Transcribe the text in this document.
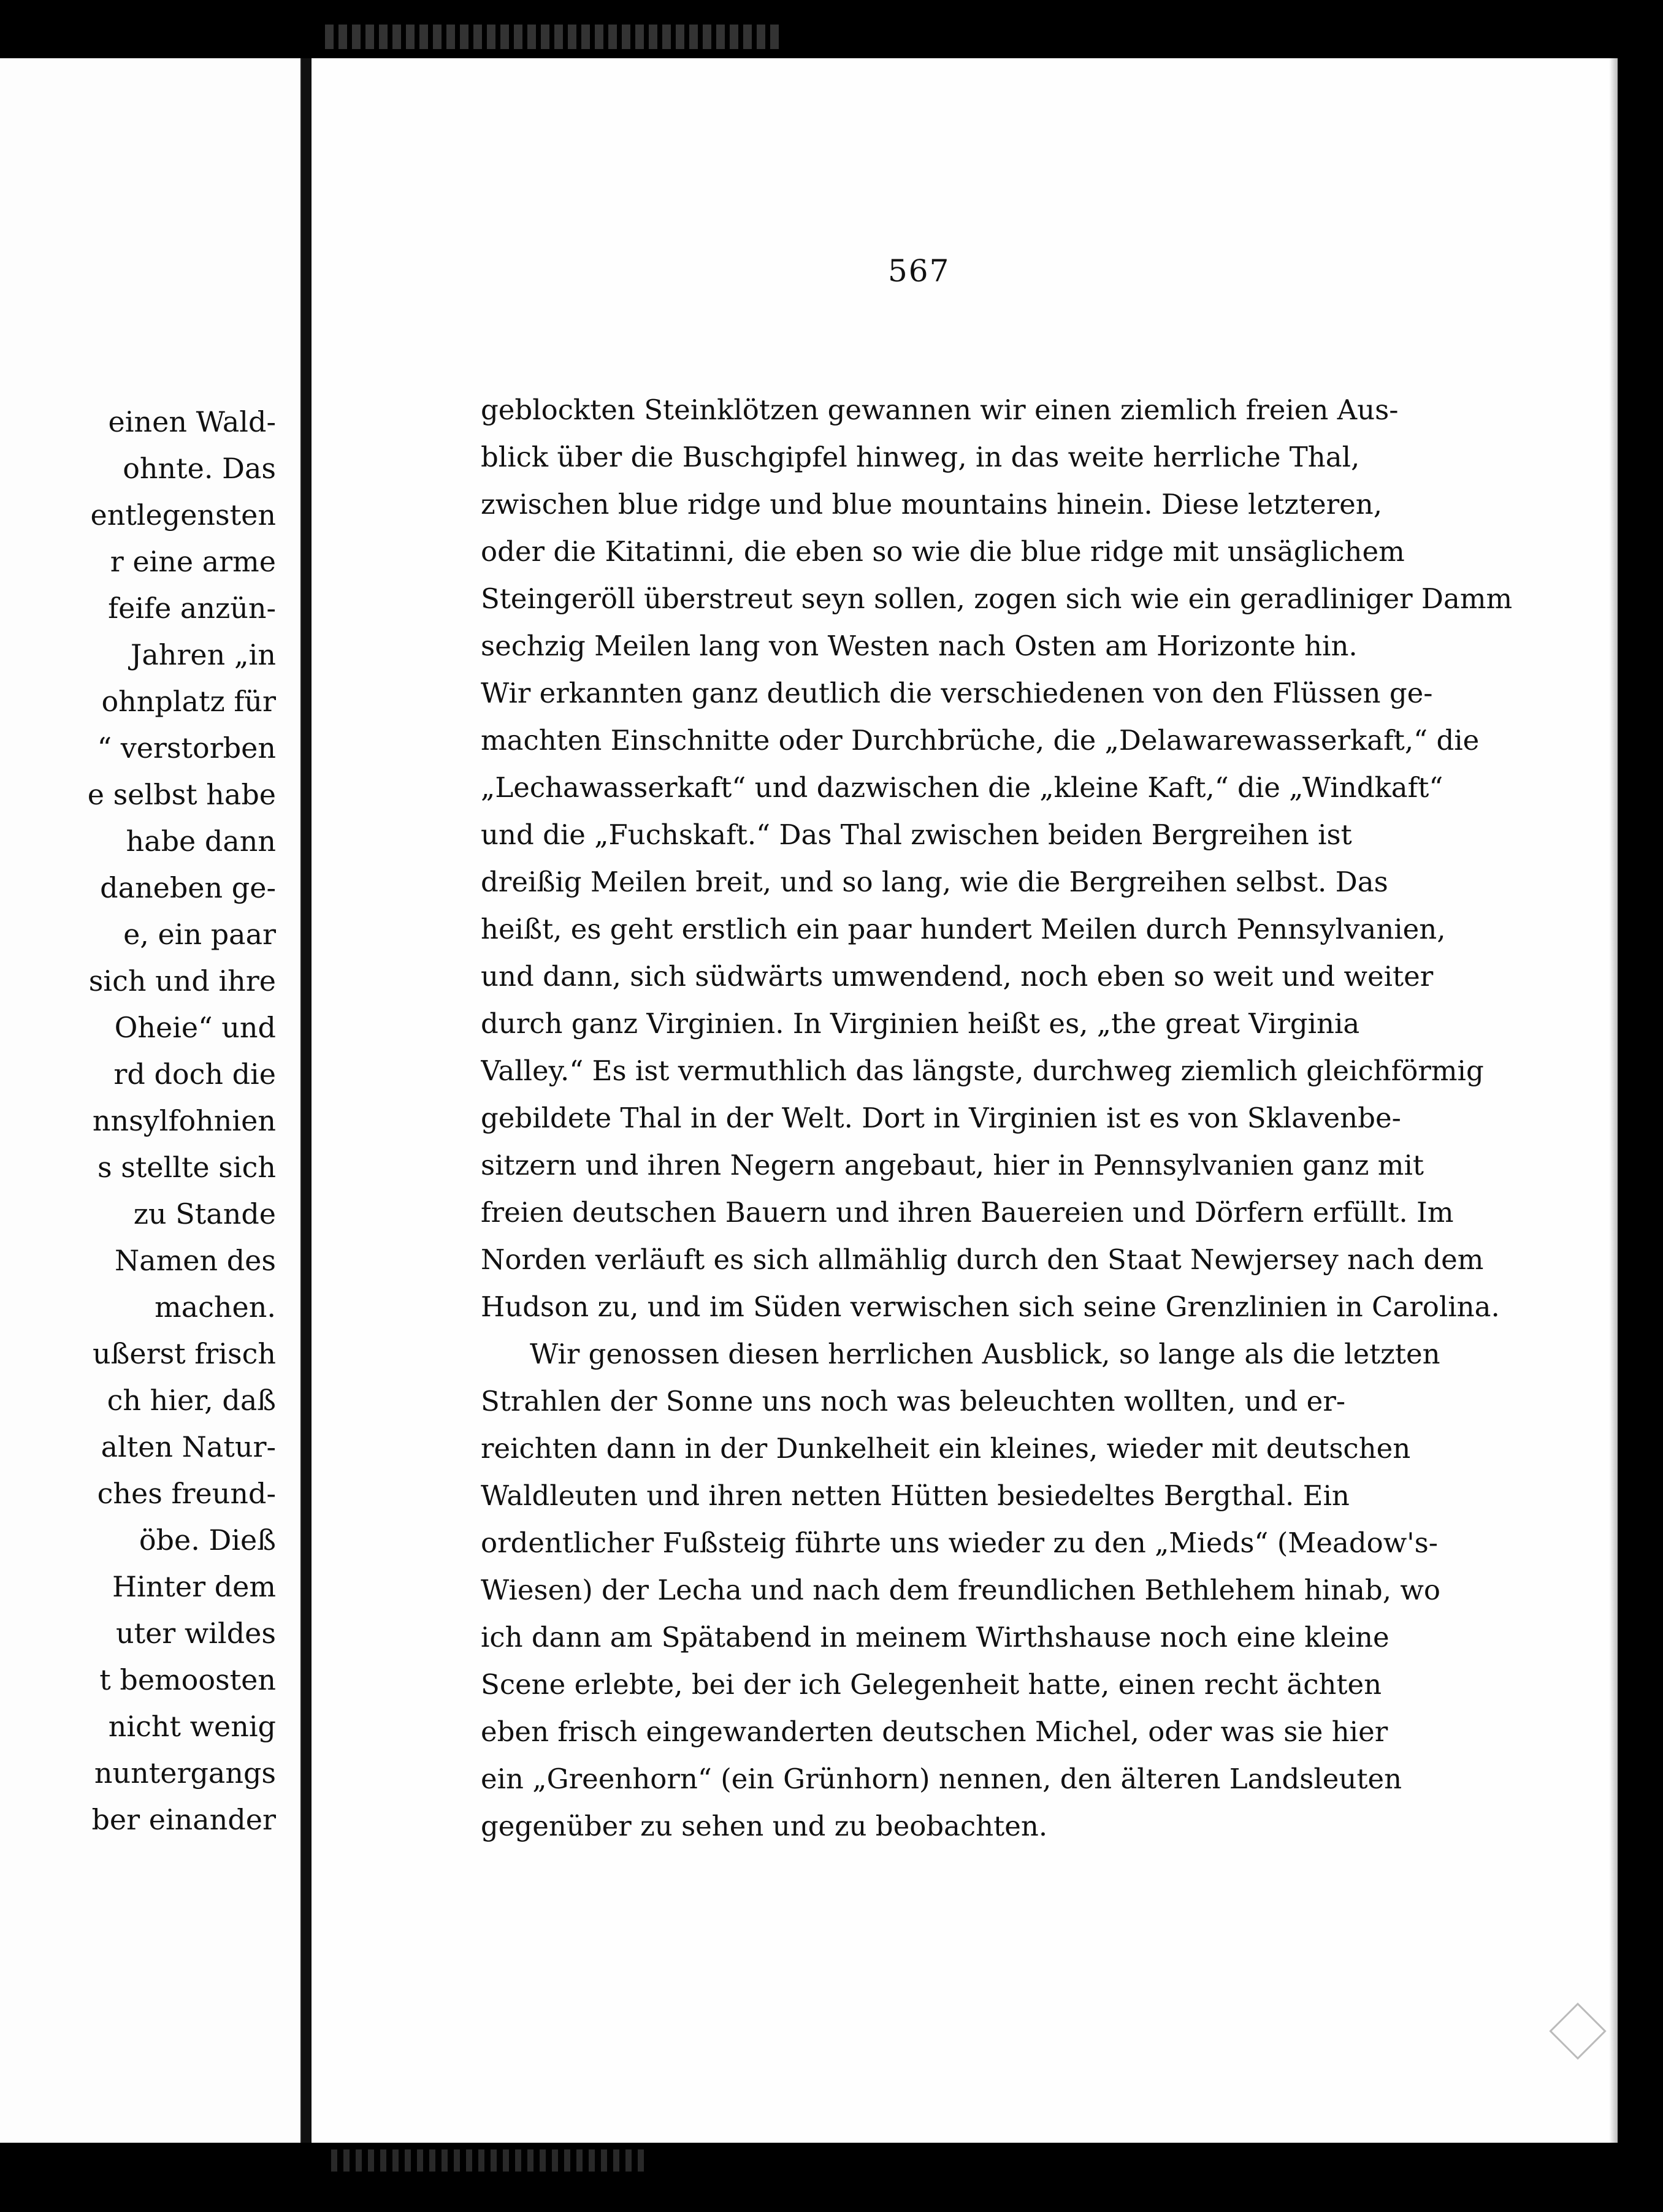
einen Wald-
ohnte. Das
entlegensten
r eine arme
feife anzün-
Jahren „in
ohnplatz für
“ verstorben
e selbst habe
habe dann
daneben ge-
e, ein paar
sich und ihre
Oheie“ und
rd doch die
nnsylfohnien
s stellte sich
zu Stande
Namen des
machen.
ußerst frisch
ch hier, daß
alten Natur-
ches freund-
öbe. Dieß
Hinter dem
uter wildes
t bemoosten
nicht wenig
nuntergangs
ber einander
567
geblockten Steinklötzen gewannen wir einen ziemlich freien Aus-
blick über die Buschgipfel hinweg, in das weite herrliche Thal,
zwischen blue ridge und blue mountains hinein. Diese letzteren,
oder die Kitatinni, die eben so wie die blue ridge mit unsäglichem
Steingeröll überstreut seyn sollen, zogen sich wie ein geradliniger Damm
sechzig Meilen lang von Westen nach Osten am Horizonte hin.
Wir erkannten ganz deutlich die verschiedenen von den Flüssen ge-
machten Einschnitte oder Durchbrüche, die „Delawarewasserkaft,“ die
„Lechawasserkaft“ und dazwischen die „kleine Kaft,“ die „Windkaft“
und die „Fuchskaft.“ Das Thal zwischen beiden Bergreihen ist
dreißig Meilen breit, und so lang, wie die Bergreihen selbst. Das
heißt, es geht erstlich ein paar hundert Meilen durch Pennsylvanien,
und dann, sich südwärts umwendend, noch eben so weit und weiter
durch ganz Virginien. In Virginien heißt es, „the great Virginia
Valley.“ Es ist vermuthlich das längste, durchweg ziemlich gleichförmig
gebildete Thal in der Welt. Dort in Virginien ist es von Sklavenbe-
sitzern und ihren Negern angebaut, hier in Pennsylvanien ganz mit
freien deutschen Bauern und ihren Bauereien und Dörfern erfüllt. Im
Norden verläuft es sich allmählig durch den Staat Newjersey nach dem
Hudson zu, und im Süden verwischen sich seine Grenzlinien in Carolina.
Wir genossen diesen herrlichen Ausblick, so lange als die letzten
Strahlen der Sonne uns noch was beleuchten wollten, und er-
reichten dann in der Dunkelheit ein kleines, wieder mit deutschen
Waldleuten und ihren netten Hütten besiedeltes Bergthal. Ein
ordentlicher Fußsteig führte uns wieder zu den „Mieds“ (Meadow's-
Wiesen) der Lecha und nach dem freundlichen Bethlehem hinab, wo
ich dann am Spätabend in meinem Wirthshause noch eine kleine
Scene erlebte, bei der ich Gelegenheit hatte, einen recht ächten
eben frisch eingewanderten deutschen Michel, oder was sie hier
ein „Greenhorn“ (ein Grünhorn) nennen, den älteren Landsleuten
gegenüber zu sehen und zu beobachten.
